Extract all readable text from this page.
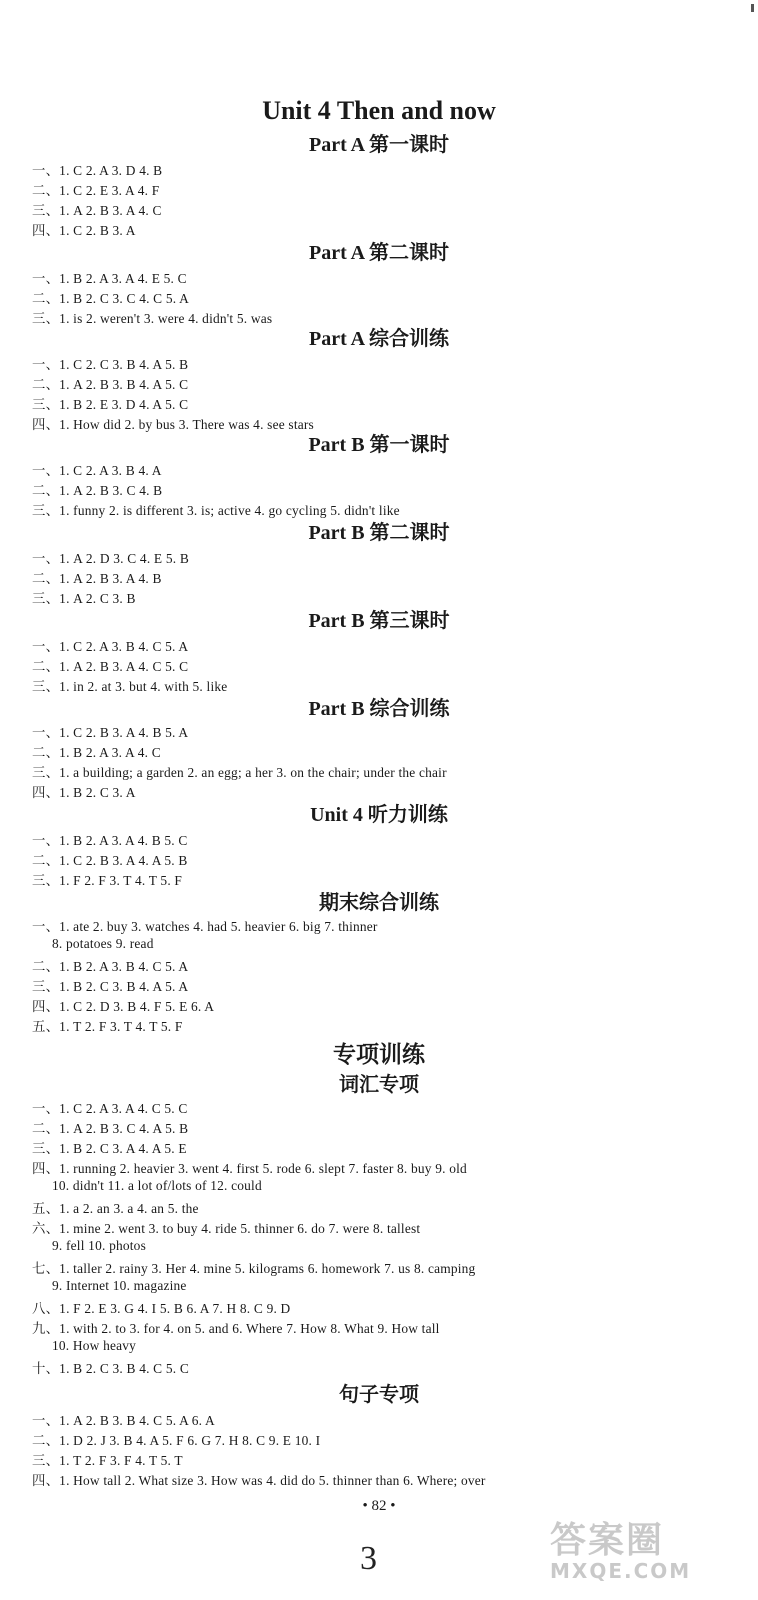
Unit 4 Then and now
Part A 第一课时
一、1. C 2. A 3. D 4. B
二、1. C 2. E 3. A 4. F
三、1. A 2. B 3. A 4. C
四、1. C 2. B 3. A
Part A 第二课时
一、1. B 2. A 3. A 4. E 5. C
二、1. B 2. C 3. C 4. C 5. A
三、1. is 2. weren't 3. were 4. didn't 5. was
Part A 综合训练
一、1. C 2. C 3. B 4. A 5. B
二、1. A 2. B 3. B 4. A 5. C
三、1. B 2. E 3. D 4. A 5. C
四、1. How did 2. by bus 3. There was 4. see stars
Part B 第一课时
一、1. C 2. A 3. B 4. A
二、1. A 2. B 3. C 4. B
三、1. funny 2. is different 3. is; active 4. go cycling 5. didn't like
Part B 第二课时
一、1. A 2. D 3. C 4. E 5. B
二、1. A 2. B 3. A 4. B
三、1. A 2. C 3. B
Part B 第三课时
一、1. C 2. A 3. B 4. C 5. A
二、1. A 2. B 3. A 4. C 5. C
三、1. in 2. at 3. but 4. with 5. like
Part B 综合训练
一、1. C 2. B 3. A 4. B 5. A
二、1. B 2. A 3. A 4. C
三、1. a building; a garden 2. an egg; a her 3. on the chair; under the chair
四、1. B 2. C 3. A
Unit 4 听力训练
一、1. B 2. A 3. A 4. B 5. C
二、1. C 2. B 3. A 4. A 5. B
三、1. F 2. F 3. T 4. T 5. F
期末综合训练
一、1. ate 2. buy 3. watches 4. had 5. heavier 6. big 7. thinner
8. potatoes 9. read
二、1. B 2. A 3. B 4. C 5. A
三、1. B 2. C 3. B 4. A 5. A
四、1. C 2. D 3. B 4. F 5. E 6. A
五、1. T 2. F 3. T 4. T 5. F
专项训练
词汇专项
一、1. C 2. A 3. A 4. C 5. C
二、1. A 2. B 3. C 4. A 5. B
三、1. B 2. C 3. A 4. A 5. E
四、1. running 2. heavier 3. went 4. first 5. rode 6. slept 7. faster 8. buy 9. old
10. didn't 11. a lot of/lots of 12. could
五、1. a 2. an 3. a 4. an 5. the
六、1. mine 2. went 3. to buy 4. ride 5. thinner 6. do 7. were 8. tallest
9. fell 10. photos
七、1. taller 2. rainy 3. Her 4. mine 5. kilograms 6. homework 7. us 8. camping
9. Internet 10. magazine
八、1. F 2. E 3. G 4. I 5. B 6. A 7. H 8. C 9. D
九、1. with 2. to 3. for 4. on 5. and 6. Where 7. How 8. What 9. How tall
10. How heavy
十、1. B 2. C 3. B 4. C 5. C
句子专项
一、1. A 2. B 3. B 4. C 5. A 6. A
二、1. D 2. J 3. B 4. A 5. F 6. G 7. H 8. C 9. E 10. I
三、1. T 2. F 3. F 4. T 5. T
四、1. How tall 2. What size 3. How was 4. did do 5. thinner than 6. Where; over
• 82 •
3	答案圈
MXQE.COM
